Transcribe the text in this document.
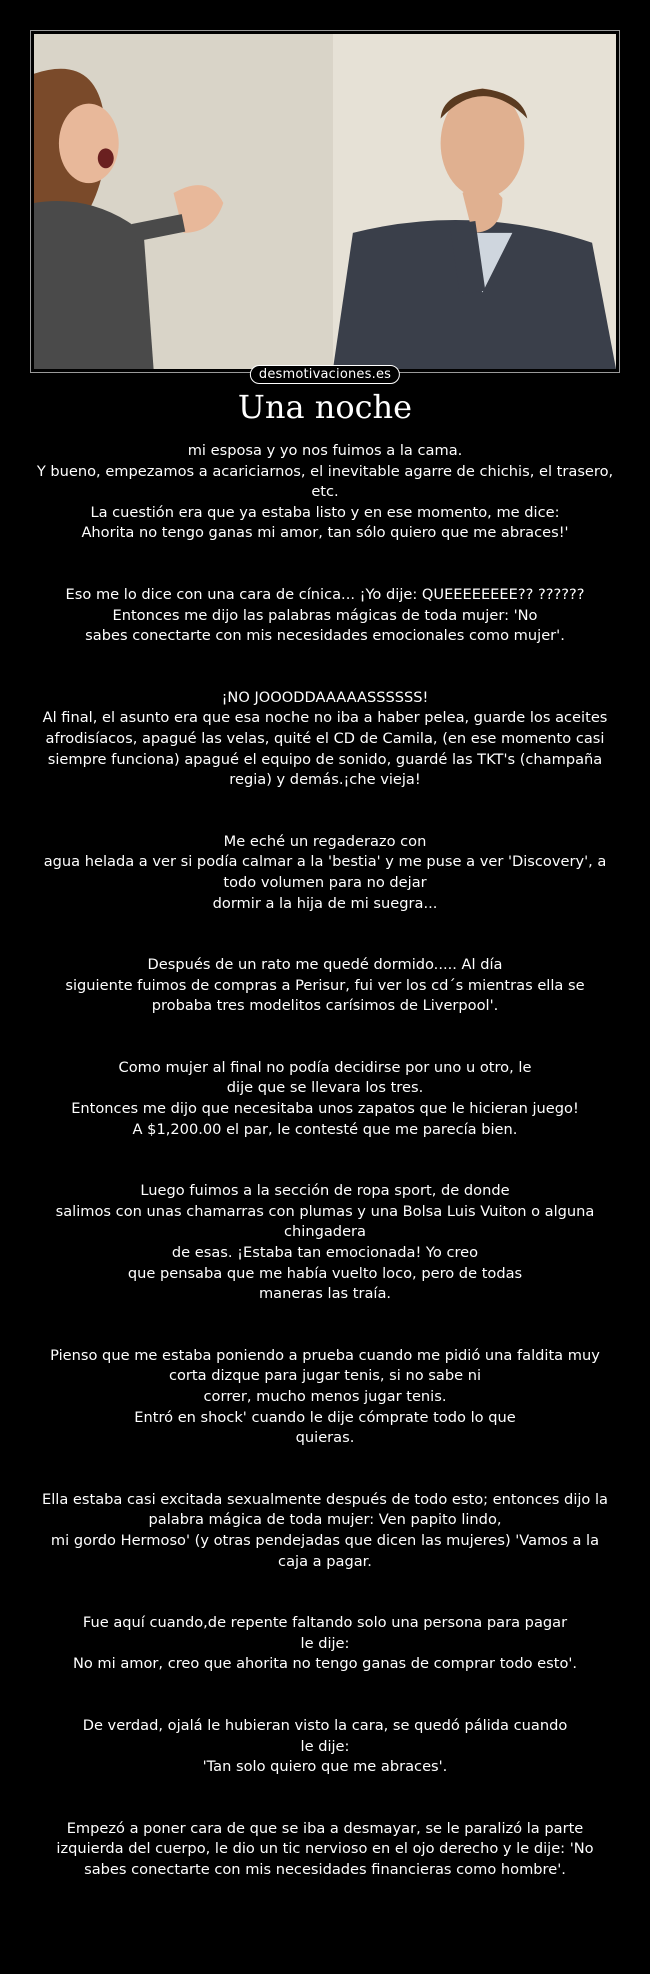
desmotivaciones.es
Una noche

mi esposa y yo nos fuimos a la cama.
Y bueno, empezamos a acariciarnos, el inevitable agarre de chichis, el trasero, etc.
La cuestión era que ya estaba listo y en ese momento, me dice:
Ahorita no tengo ganas mi amor, tan sólo quiero que me abraces!'

Eso me lo dice con una cara de cínica... ¡Yo dije: QUEEEEEEEE?? ??????
Entonces me dijo las palabras mágicas de toda mujer: 'No
sabes conectarte con mis necesidades emocionales como mujer'.

¡NO JOOODDAAAAASSSSSS!
Al final, el asunto era que esa noche no iba a haber pelea, guarde los aceites afrodisíacos, apagué las velas, quité el CD de Camila, (en ese momento casi siempre funciona) apagué el equipo de sonido, guardé las TKT's (champaña regia) y demás.¡che vieja!

Me eché un regaderazo con
agua helada a ver si podía calmar a la 'bestia' y me puse a ver 'Discovery', a todo volumen para no dejar
dormir a la hija de mi suegra...

Después de un rato me quedé dormido..... Al día
siguiente fuimos de compras a Perisur, fui ver los cd´s mientras ella se probaba tres modelitos carísimos de Liverpool'.

Como mujer al final no podía decidirse por uno u otro, le
dije que se llevara los tres.
Entonces me dijo que necesitaba unos zapatos que le hicieran juego!
A $1,200.00 el par, le contesté que me parecía bien.

Luego fuimos a la sección de ropa sport, de donde
salimos con unas chamarras con plumas y una Bolsa Luis Vuiton o alguna chingadera
de esas. ¡Estaba tan emocionada! Yo creo
que pensaba que me había vuelto loco, pero de todas
maneras las traía.

Pienso que me estaba poniendo a prueba cuando me pidió una faldita muy corta dizque para jugar tenis, si no sabe ni
correr, mucho menos jugar tenis.
Entró en shock' cuando le dije cómprate todo lo que
quieras.

Ella estaba casi excitada sexualmente después de todo esto; entonces dijo la palabra mágica de toda mujer: Ven papito lindo,
mi gordo Hermoso' (y otras pendejadas que dicen las mujeres) 'Vamos a la caja a pagar.

Fue aquí cuando,de repente faltando solo una persona para pagar
le dije:
No mi amor, creo que ahorita no tengo ganas de comprar todo esto'.

De verdad, ojalá le hubieran visto la cara, se quedó pálida cuando
le dije:
'Tan solo quiero que me abraces'.

Empezó a poner cara de que se iba a desmayar, se le paralizó la parte izquierda del cuerpo, le dio un tic nervioso en el ojo derecho y le dije: 'No sabes conectarte con mis necesidades financieras como hombre'.
